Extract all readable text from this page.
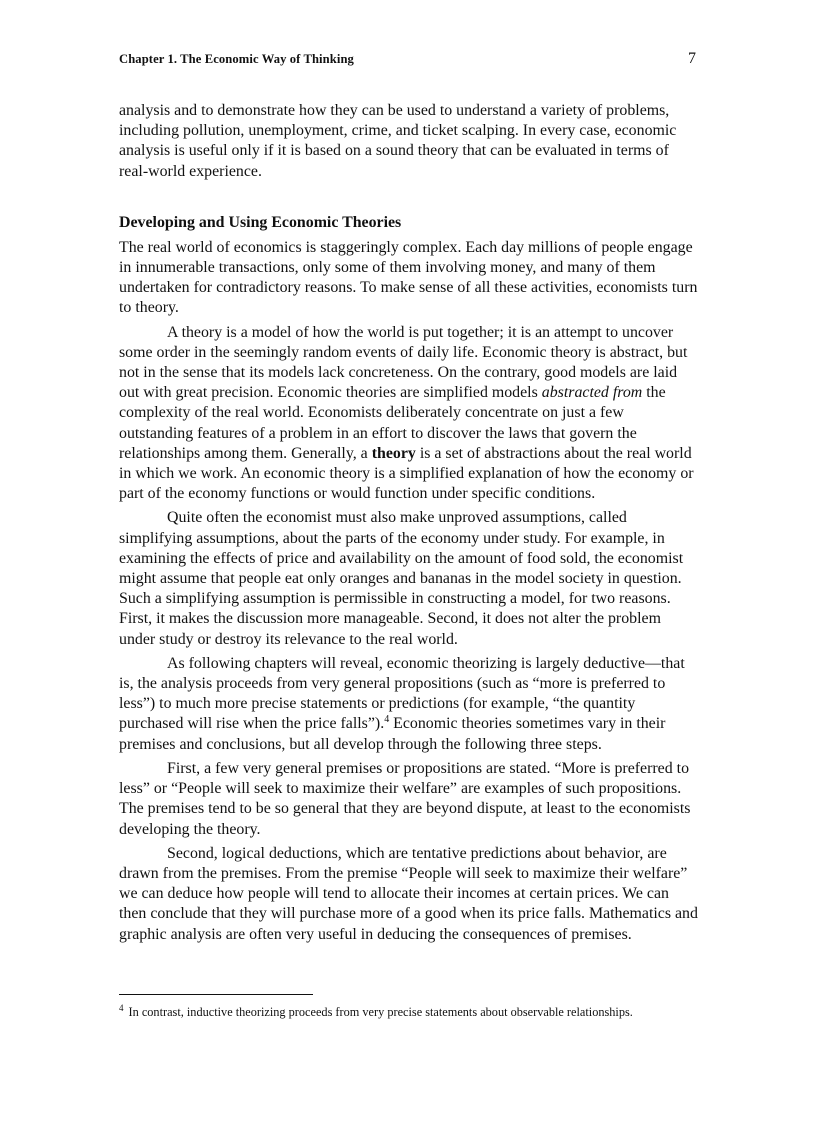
Chapter 1. The Economic Way of Thinking	7

analysis and to demonstrate how they can be used to understand a variety of problems, including pollution, unemployment, crime, and ticket scalping. In every case, economic analysis is useful only if it is based on a sound theory that can be evaluated in terms of real-world experience.

Developing and Using Economic Theories

The real world of economics is staggeringly complex. Each day millions of people engage in innumerable transactions, only some of them involving money, and many of them undertaken for contradictory reasons. To make sense of all these activities, economists turn to theory.

A theory is a model of how the world is put together; it is an attempt to uncover some order in the seemingly random events of daily life. Economic theory is abstract, but not in the sense that its models lack concreteness. On the contrary, good models are laid out with great precision. Economic theories are simplified models abstracted from the complexity of the real world. Economists deliberately concentrate on just a few outstanding features of a problem in an effort to discover the laws that govern the relationships among them. Generally, a theory is a set of abstractions about the real world in which we work. An economic theory is a simplified explanation of how the economy or part of the economy functions or would function under specific conditions.

Quite often the economist must also make unproved assumptions, called simplifying assumptions, about the parts of the economy under study. For example, in examining the effects of price and availability on the amount of food sold, the economist might assume that people eat only oranges and bananas in the model society in question. Such a simplifying assumption is permissible in constructing a model, for two reasons. First, it makes the discussion more manageable. Second, it does not alter the problem under study or destroy its relevance to the real world.

As following chapters will reveal, economic theorizing is largely deductive—that is, the analysis proceeds from very general propositions (such as “more is preferred to less”) to much more precise statements or predictions (for example, “the quantity purchased will rise when the price falls”).$^4$ Economic theories sometimes vary in their premises and conclusions, but all develop through the following three steps.

First, a few very general premises or propositions are stated. “More is preferred to less” or “People will seek to maximize their welfare” are examples of such propositions. The premises tend to be so general that they are beyond dispute, at least to the economists developing the theory.

Second, logical deductions, which are tentative predictions about behavior, are drawn from the premises. From the premise “People will seek to maximize their welfare” we can deduce how people will tend to allocate their incomes at certain prices. We can then conclude that they will purchase more of a good when its price falls. Mathematics and graphic analysis are often very useful in deducing the consequences of premises.

$^4$ In contrast, inductive theorizing proceeds from very precise statements about observable relationships.
